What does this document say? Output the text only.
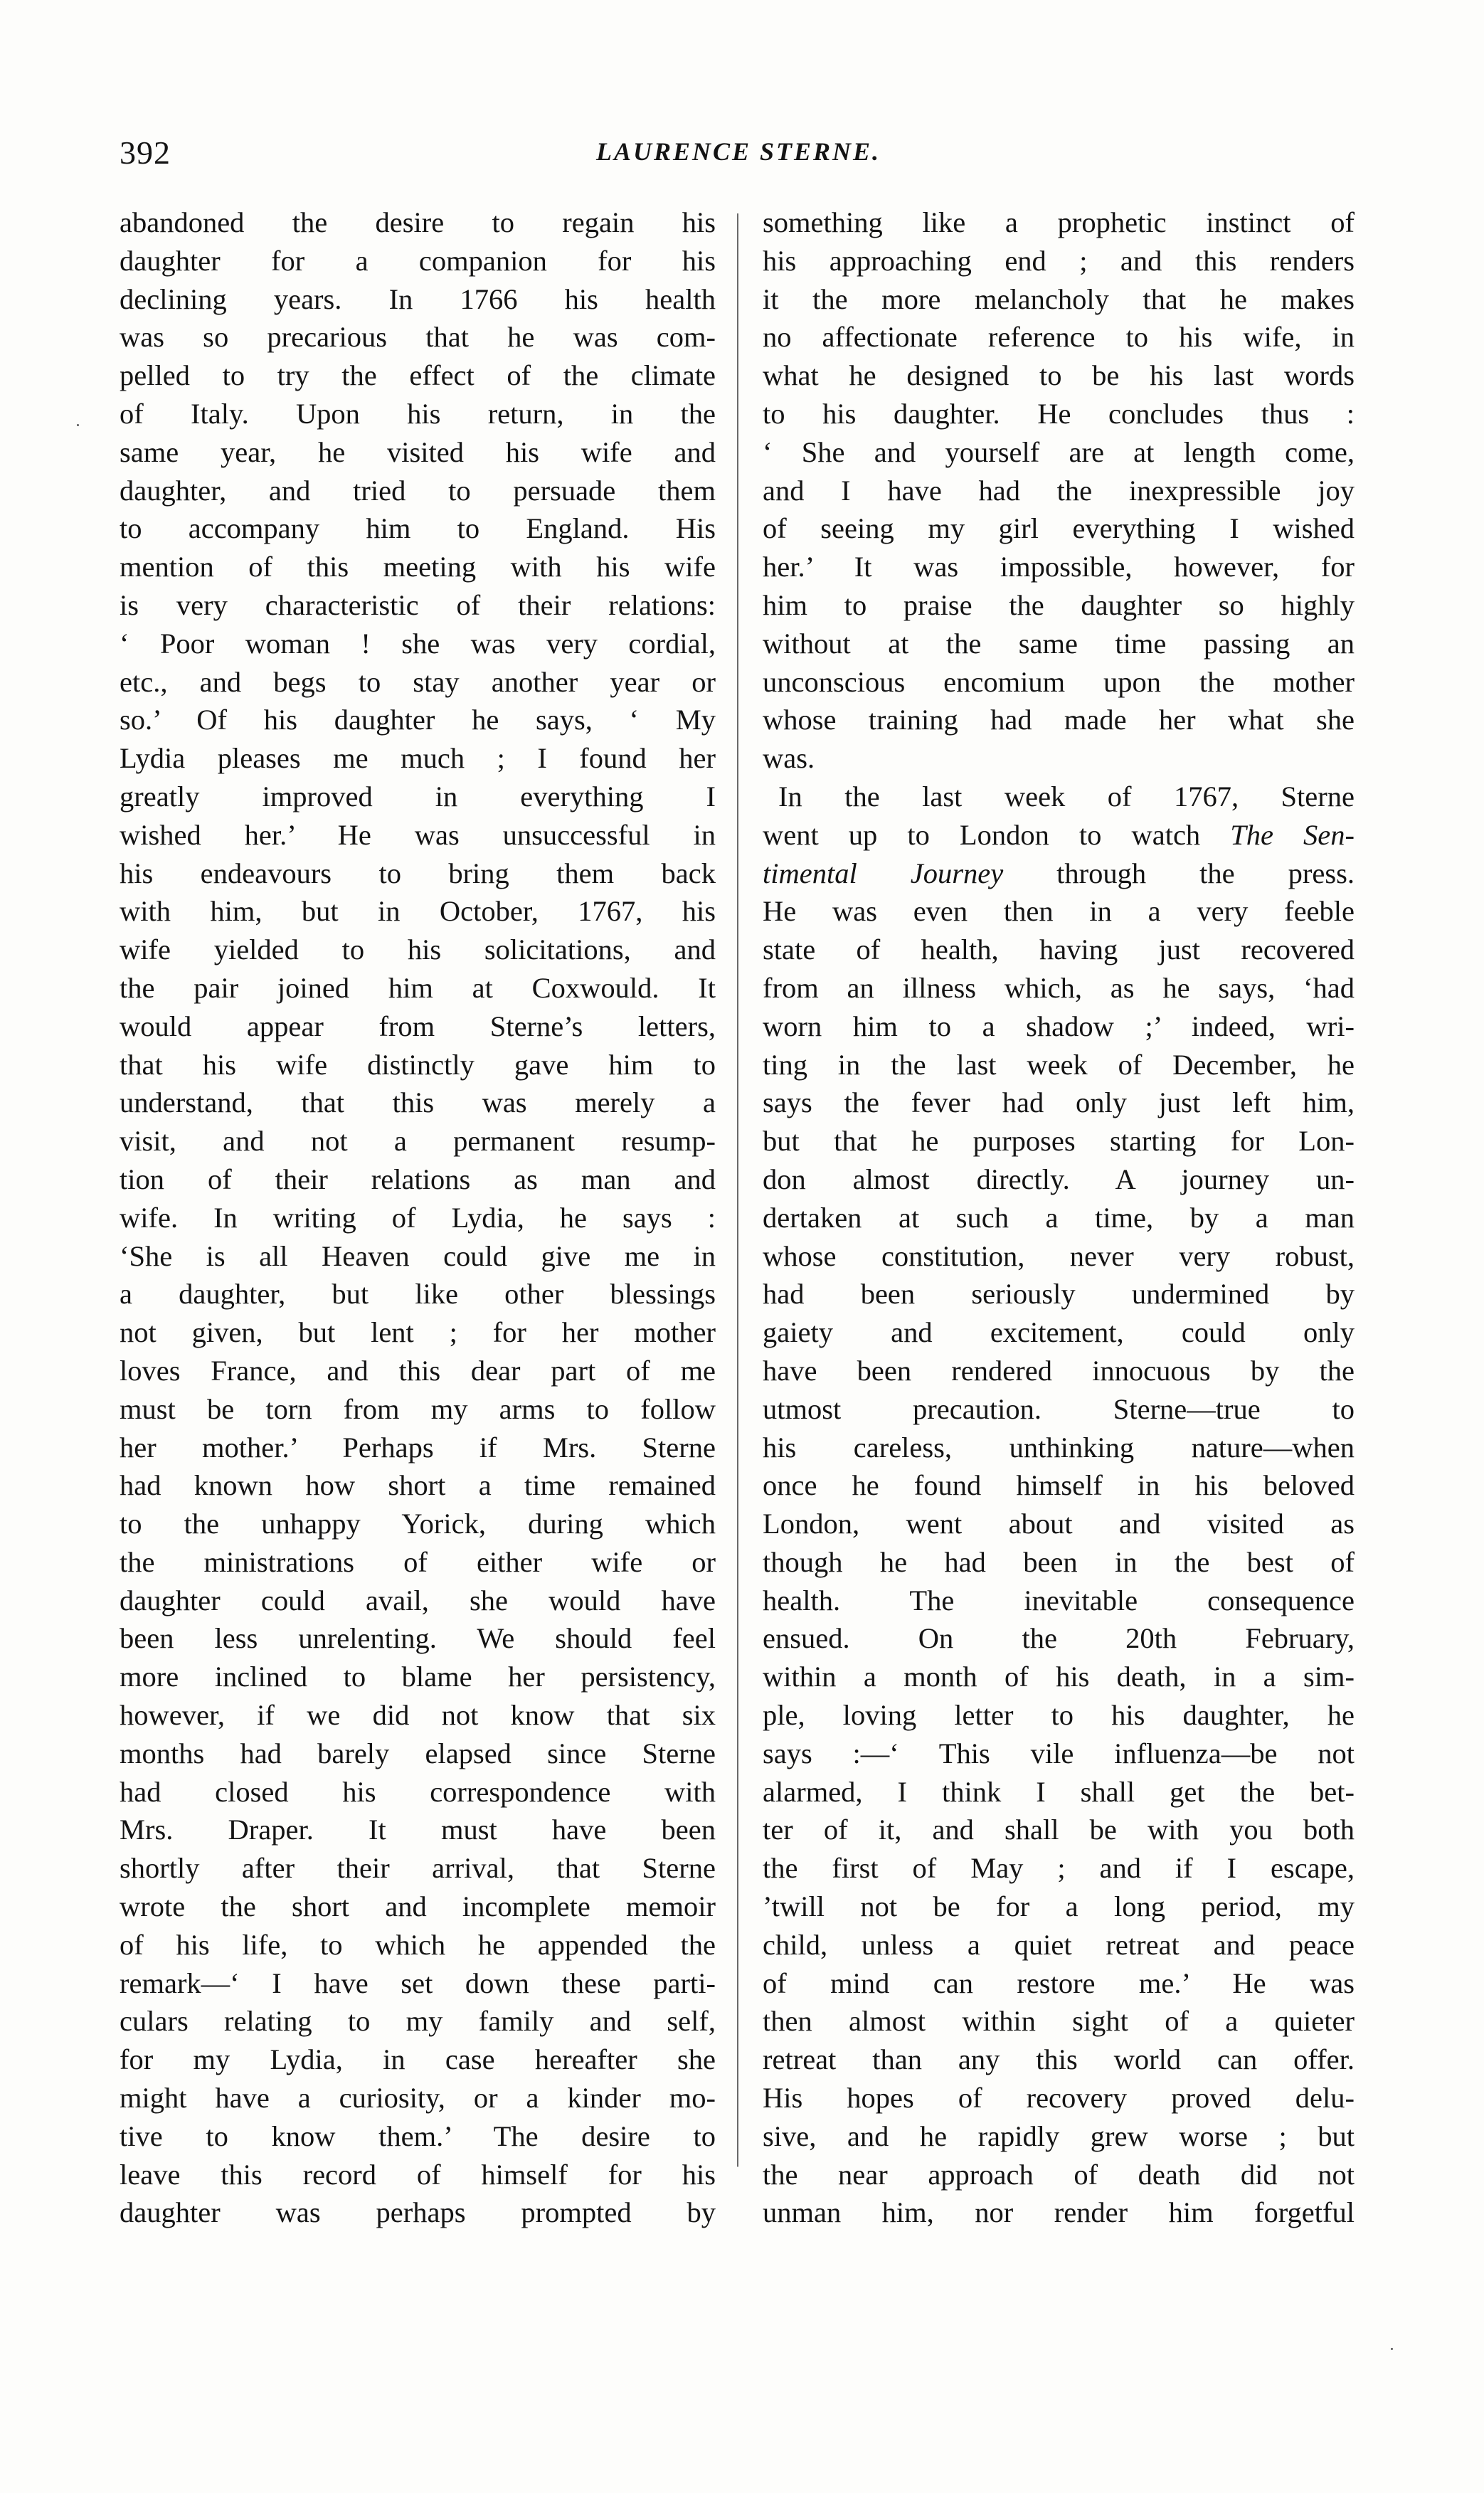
392	LAURENCE STERNE.
abandoned the desire to regain his
daughter for a companion for his
declining years. In 1766 his health
was so precarious that he was com-
pelled to try the effect of the climate
of Italy. Upon his return, in the
same year, he visited his wife and
daughter, and tried to persuade them
to accompany him to England. His
mention of this meeting with his wife
is very characteristic of their relations:
‘ Poor woman ! she was very cordial,
etc., and begs to stay another year or
so.’ Of his daughter he says, ‘ My
Lydia pleases me much ; I found her
greatly improved in everything I
wished her.’ He was unsuccessful in
his endeavours to bring them back
with him, but in October, 1767, his
wife yielded to his solicitations, and
the pair joined him at Coxwould. It
would appear from Sterne’s letters,
that his wife distinctly gave him to
understand, that this was merely a
visit, and not a permanent resump-
tion of their relations as man and
wife. In writing of Lydia, he says :
‘She is all Heaven could give me in
a daughter, but like other blessings
not given, but lent ; for her mother
loves France, and this dear part of me
must be torn from my arms to follow
her mother.’ Perhaps if Mrs. Sterne
had known how short a time remained
to the unhappy Yorick, during which
the ministrations of either wife or
daughter could avail, she would have
been less unrelenting. We should feel
more inclined to blame her persistency,
however, if we did not know that six
months had barely elapsed since Sterne
had closed his correspondence with
Mrs. Draper. It must have been
shortly after their arrival, that Sterne
wrote the short and incomplete memoir
of his life, to which he appended the
remark—‘ I have set down these parti-
culars relating to my family and self,
for my Lydia, in case hereafter she
might have a curiosity, or a kinder mo-
tive to know them.’ The desire to
leave this record of himself for his
daughter was perhaps prompted by
something like a prophetic instinct of
his approaching end ; and this renders
it the more melancholy that he makes
no affectionate reference to his wife, in
what he designed to be his last words
to his daughter. He concludes thus :
‘ She and yourself are at length come,
and I have had the inexpressible joy
of seeing my girl everything I wished
her.’ It was impossible, however, for
him to praise the daughter so highly
without at the same time passing an
unconscious encomium upon the mother
whose training had made her what she
was.
In the last week of 1767, Sterne
went up to London to watch The Sen-
timental Journey through the press.
He was even then in a very feeble
state of health, having just recovered
from an illness which, as he says, ‘had
worn him to a shadow ;’ indeed, wri-
ting in the last week of December, he
says the fever had only just left him,
but that he purposes starting for Lon-
don almost directly. A journey un-
dertaken at such a time, by a man
whose constitution, never very robust,
had been seriously undermined by
gaiety and excitement, could only
have been rendered innocuous by the
utmost precaution. Sterne—true to
his careless, unthinking nature—when
once he found himself in his beloved
London, went about and visited as
though he had been in the best of
health. The inevitable consequence
ensued. On the 20th February,
within a month of his death, in a sim-
ple, loving letter to his daughter, he
says :—‘ This vile influenza—be not
alarmed, I think I shall get the bet-
ter of it, and shall be with you both
the first of May ; and if I escape,
’twill not be for a long period, my
child, unless a quiet retreat and peace
of mind can restore me.’ He was
then almost within sight of a quieter
retreat than any this world can offer.
His hopes of recovery proved delu-
sive, and he rapidly grew worse ; but
the near approach of death did not
unman him, nor render him forgetful
